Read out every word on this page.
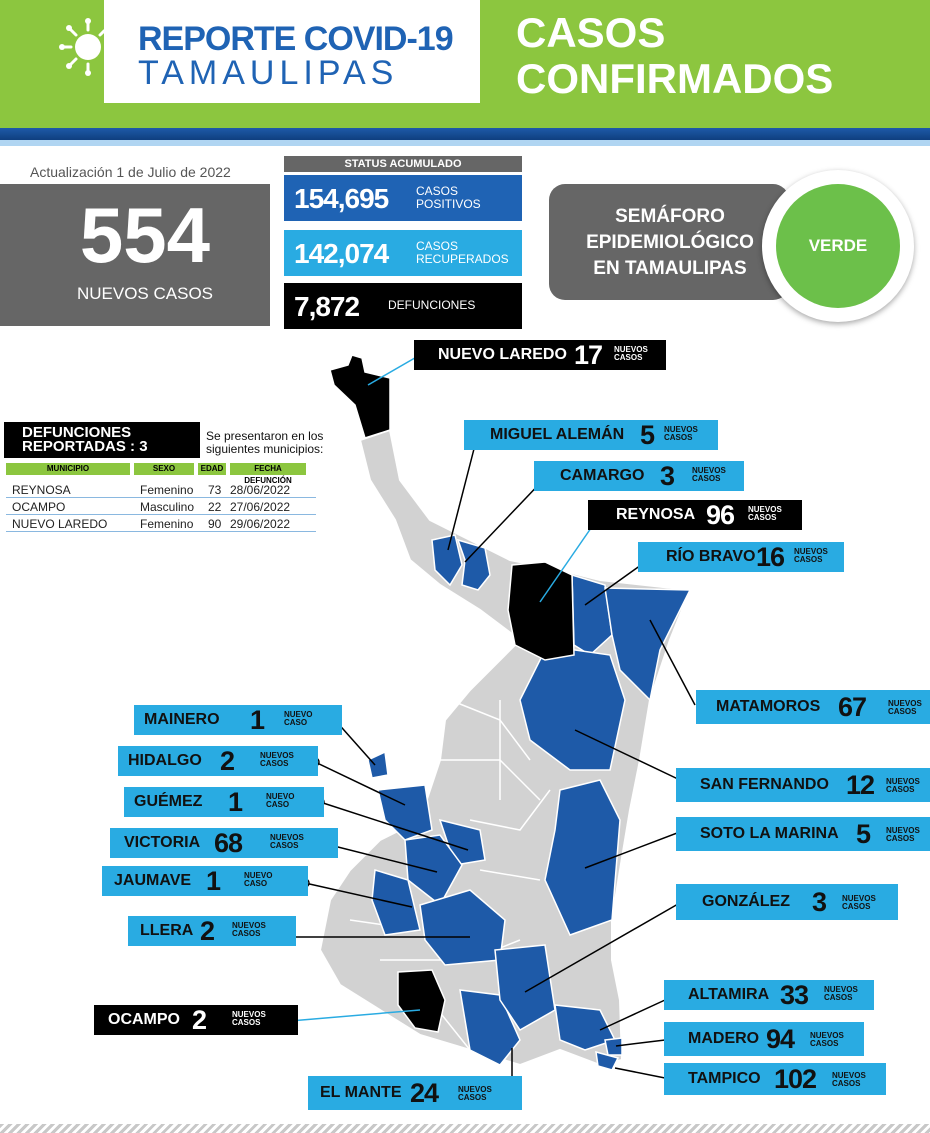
REPORTE COVID-19
TAMAULIPAS
CASOS
CONFIRMADOS
Actualización 1 de Julio de 2022
554
NUEVOS CASOS
STATUS ACUMULADO
154,695 CASOS
POSITIVOS
142,074 CASOS
RECUPERADOS
7,872 DEFUNCIONES
SEMÁFORO
EPIDEMIOLÓGICO
EN TAMAULIPAS
VERDE
DEFUNCIONES
REPORTADAS : 3
Se presentaron en los
siguientes municipios:
MUNICIPIO	SEXO	EDAD	FECHA DEFUNCIÓN
REYNOSA	Femenino 73 28/06/2022
OCAMPO	Masculino 22 27/06/2022
NUEVO LAREDO	Femenino 90 29/06/2022
NUEVO LAREDO 17 NUEVOS
CASOS
MIGUEL ALEMÁN 5 NUEVOS
CASOS
CAMARGO 3 NUEVOS
CASOS
REYNOSA 96 NUEVOS
CASOS
RÍO BRAVO 16 NUEVOS
CASOS
MATAMOROS 67	NUEVOS
CASOS
MAINERO 1 NUEVO
CASO
SAN FERNANDO 12 NUEVOS
CASOS
HIDALGO 2	NUEVOS
CASOS
GUÉMEZ 1	NUEVO
CASO
SOTO LA MARINA 5 NUEVOS
CASOS
VICTORIA 68	NUEVOS
CASOS
JAUMAVE 1	NUEVO
CASO
GONZÁLEZ 3 NUEVOS
CASOS
LLERA 2 NUEVOS
CASOS
ALTAMIRA 33 NUEVOS
CASOS
OCAMPO 2	NUEVOS
CASOS
MADERO 94 NUEVOS
CASOS
TAMPICO 102 NUEVOS
CASOS
EL MANTE 24 NUEVOS
CASOS
